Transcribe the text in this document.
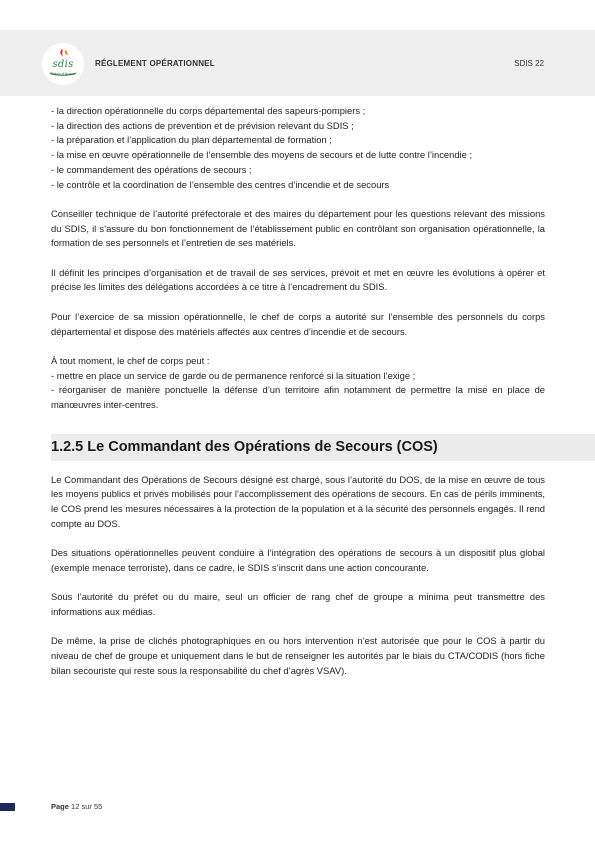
sdis
Côtes d'Armor
RÉGLEMENT OPÉRATIONNEL	SDIS 22

- la direction opérationnelle du corps départemental des sapeurs-pompiers ;

- la direction des actions de prévention et de prévision relevant du SDIS ;

- la préparation et l’application du plan départemental de formation ;

- la mise en œuvre opérationnelle de l’ensemble des moyens de secours et de lutte contre l’incendie ;

- le commandement des opérations de secours ;

- le contrôle et la coordination de l’ensemble des centres d’incendie et de secours

Conseiller technique de l’autorité préfectorale et des maires du département pour les questions relevant des missions du SDIS, il s’assure du bon fonctionnement de l’établissement public en contrôlant son organisation opérationnelle, la formation de ses personnels et l’entretien de ses matériels.

Il définit les principes d’organisation et de travail de ses services, prévoit et met en œuvre les évolutions à opérer et précise les limites des délégations accordées à ce titre à l’encadrement du SDIS.

Pour l’exercice de sa mission opérationnelle, le chef de corps a autorité sur l’ensemble des personnels du corps départemental et dispose des matériels affectés aux centres d’incendie et de secours.

À tout moment, le chef de corps peut :

- mettre en place un service de garde ou de permanence renforcé si la situation l’exige ;

- réorganiser de manière ponctuelle la défense d’un territoire afin notamment de permettre la mise en place de manœuvres inter-centres.

1.2.5 Le Commandant des Opérations de Secours (COS)

Le Commandant des Opérations de Secours désigné est chargé, sous l’autorité du DOS, de la mise en œuvre de tous les moyens publics et privés mobilisés pour l’accomplissement des opérations de secours. En cas de périls imminents, le COS prend les mesures nécessaires à la protection de la population et à la sécurité des personnels engagés. Il rend compte au DOS.

Des situations opérationnelles peuvent conduire à l’intégration des opérations de secours à un dispositif plus global (exemple menace terroriste), dans ce cadre, le SDIS s’inscrit dans une action concourante.

Sous l’autorité du préfet ou du maire, seul un officier de rang chef de groupe a minima peut transmettre des informations aux médias.

De même, la prise de clichés photographiques en ou hors intervention n’est autorisée que pour le COS à partir du niveau de chef de groupe et uniquement dans le but de renseigner les autorités par le biais du CTA/CODIS (hors fiche bilan secouriste qui reste sous la responsabilité du chef d’agrès VSAV).

Page 12 sur 55
